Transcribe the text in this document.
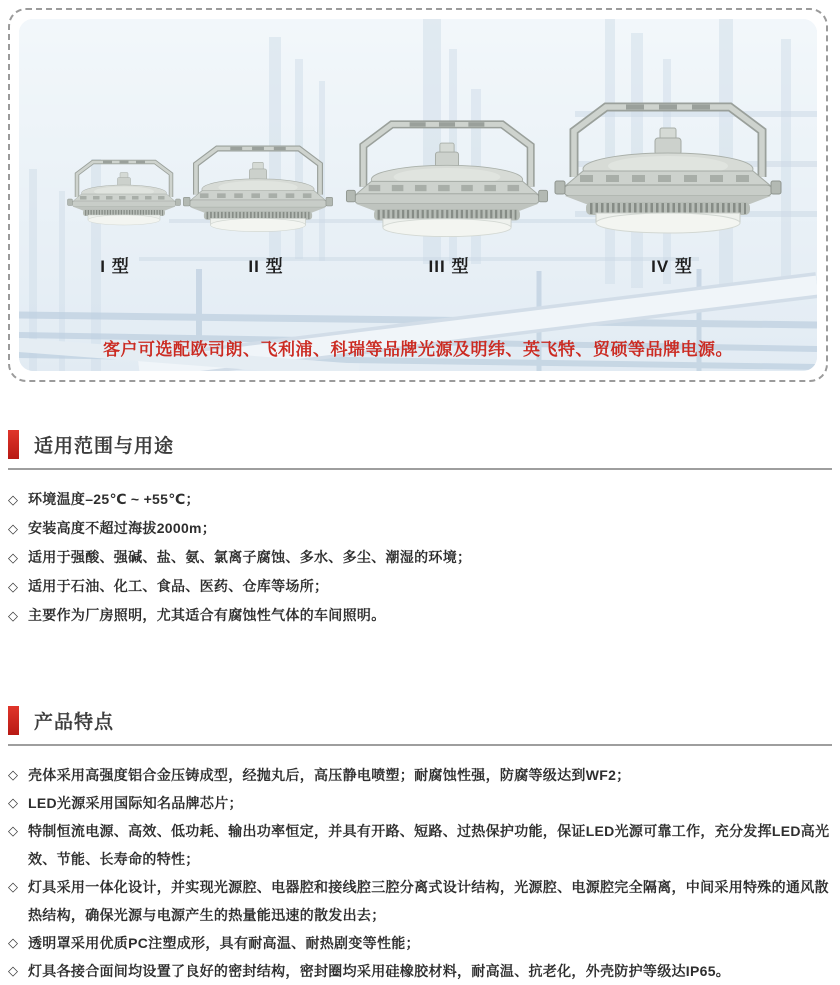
I 型	II 型	III 型	IV 型
客户可选配欧司朗、飞利浦、科瑞等品牌光源及明纬、英飞特、贸硕等品牌电源。
适用范围与用途
◇ 环境温度–25℃ ~ +55℃；

◇ 安装高度不超过海拔2000m；

◇ 适用于强酸、强碱、盐、氨、氯离子腐蚀、多水、多尘、潮湿的环境；

◇ 适用于石油、化工、食品、医药、仓库等场所；

◇ 主要作为厂房照明，尤其适合有腐蚀性气体的车间照明。

产品特点
◇ 壳体采用高强度铝合金压铸成型，经抛丸后，高压静电喷塑；耐腐蚀性强，防腐等级达到WF2；

◇ LED光源采用国际知名品牌芯片；

◇ 特制恒流电源、高效、低功耗、输出功率恒定，并具有开路、短路、过热保护功能，保证LED光源可靠工作，充分发挥LED高光效、节能、长寿命的特性；

◇ 灯具采用一体化设计，并实现光源腔、电器腔和接线腔三腔分离式设计结构，光源腔、电源腔完全隔离，中间采用特殊的通风散热结构，确保光源与电源产生的热量能迅速的散发出去；

◇ 透明罩采用优质PC注塑成形，具有耐高温、耐热剧变等性能；

◇ 灯具各接合面间均设置了良好的密封结构，密封圈均采用硅橡胶材料，耐高温、抗老化，外壳防护等级达IP65。
